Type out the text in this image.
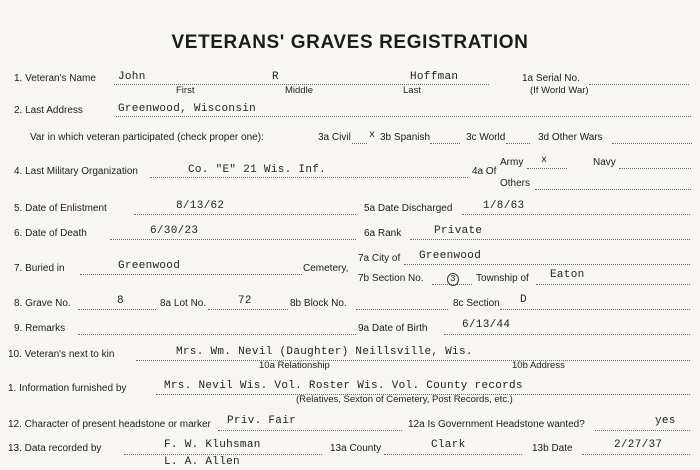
VETERANS' GRAVES REGISTRATION
1. Veteran's Name John	R	Hoffman
First	Middle	Last
1a Serial No.
(If World War)
2. Last Address	Greenwood, Wisconsin
Var in which veteran participated (check proper one):	3a Civil x 3b Spanish	3c World	3d Other Wars
4. Last Military Organization	Co. "E" 21 Wis. Inf.	4a Of
Army x	Navy
Others
5. Date of Enlistment	8/13/62	5a Date Discharged	1/8/63
6. Date of Death	6/30/23	6a Rank	Private
7. Buried in	Greenwood	Cemetery,
7a City of Greenwood
7b Section No.	3	Township of Eaton
8. Grave No.	8	8a Lot No.	72	8b Block No.	8c Section D
9. Remarks	9a Date of Birth	6/13/44
10. Veteran's next to kin	Mrs. Wm. Nevil (Daughter) Neillsville, Wis.
10a Relationship	10b Address
1. Information furnished by	Mrs. Nevil Wis. Vol. Roster Wis. Vol. County records
(Relatives, Sexton of Cemetery, Post Records, etc.)
12. Character of present headstone or marker Priv. Fair	12a Is Government Headstone wanted?	yes
13. Data recorded by	F. W. Kluhsman
L. A. Allen
13a County	Clark	13b Date	2/27/37
